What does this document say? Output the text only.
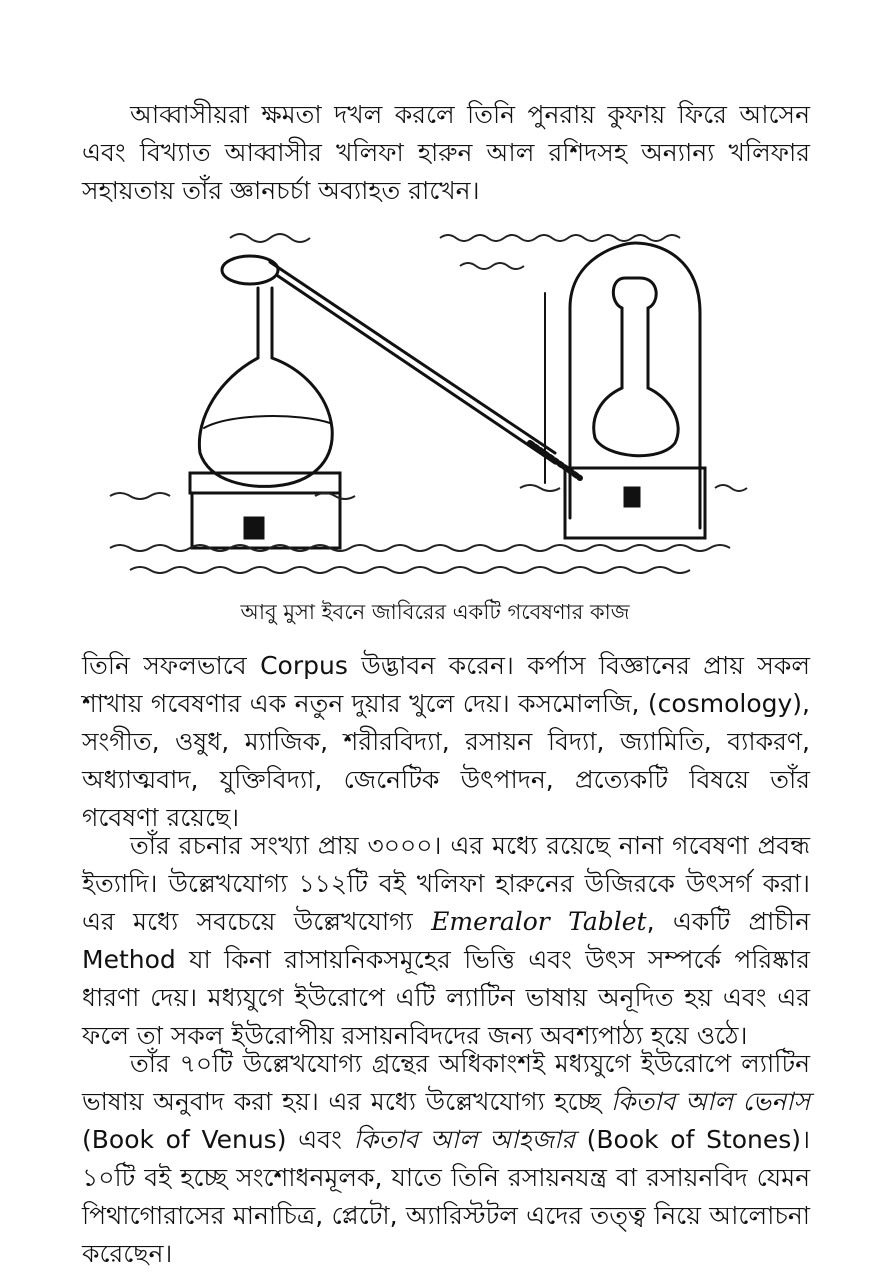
আব্বাসীয়রা ক্ষমতা দখল করলে তিনি পুনরায় কুফায় ফিরে আসেন এবং বিখ্যাত আব্বাসীর খলিফা হারুন আল রশিদসহ অন্যান্য খলিফার সহায়তায় তাঁর জ্ঞানচর্চা অব্যাহত রাখেন।

আবু মুসা ইবনে জাবিরের একটি গবেষণার কাজ

তিনি সফলভাবে Corpus উদ্ভাবন করেন। কর্পাস বিজ্ঞানের প্রায় সকল শাখায় গবেষণার এক নতুন দুয়ার খুলে দেয়। কসমোলজি, (cosmology), সংগীত, ওষুধ, ম্যাজিক, শরীরবিদ্যা, রসায়ন বিদ্যা, জ্যামিতি, ব্যাকরণ, অধ্যাত্মবাদ, যুক্তিবিদ্যা, জেনেটিক উৎপাদন, প্রত্যেকটি বিষয়ে তাঁর গবেষণা রয়েছে।

তাঁর রচনার সংখ্যা প্রায় ৩০০০। এর মধ্যে রয়েছে নানা গবেষণা প্রবন্ধ ইত্যাদি। উল্লেখযোগ্য ১১২টি বই খলিফা হারুনের উজিরকে উৎসর্গ করা। এর মধ্যে সবচেয়ে উল্লেখযোগ্য Emeralor Tablet, একটি প্রাচীন Method যা কিনা রাসায়নিকসমূহের ভিত্তি এবং উৎস সম্পর্কে পরিষ্কার ধারণা দেয়। মধ্যযুগে ইউরোপে এটি ল্যাটিন ভাষায় অনূদিত হয় এবং এর ফলে তা সকল ইউরোপীয় রসায়নবিদদের জন্য অবশ্যপাঠ্য হয়ে ওঠে।

তাঁর ৭০টি উল্লেখযোগ্য গ্রন্থের অধিকাংশই মধ্যযুগে ইউরোপে ল্যাটিন ভাষায় অনুবাদ করা হয়। এর মধ্যে উল্লেখযোগ্য হচ্ছে কিতাব আল ভেনাস (Book of Venus) এবং কিতাব আল আহজার (Book of Stones)। ১০টি বই হচ্ছে সংশোধনমূলক, যাতে তিনি রসায়নযন্ত্র বা রসায়নবিদ যেমন পিথাগোরাসের মানাচিত্র, প্লেটো, অ্যারিস্টটল এদের তত্ত্ব নিয়ে আলোচনা করেছেন।
